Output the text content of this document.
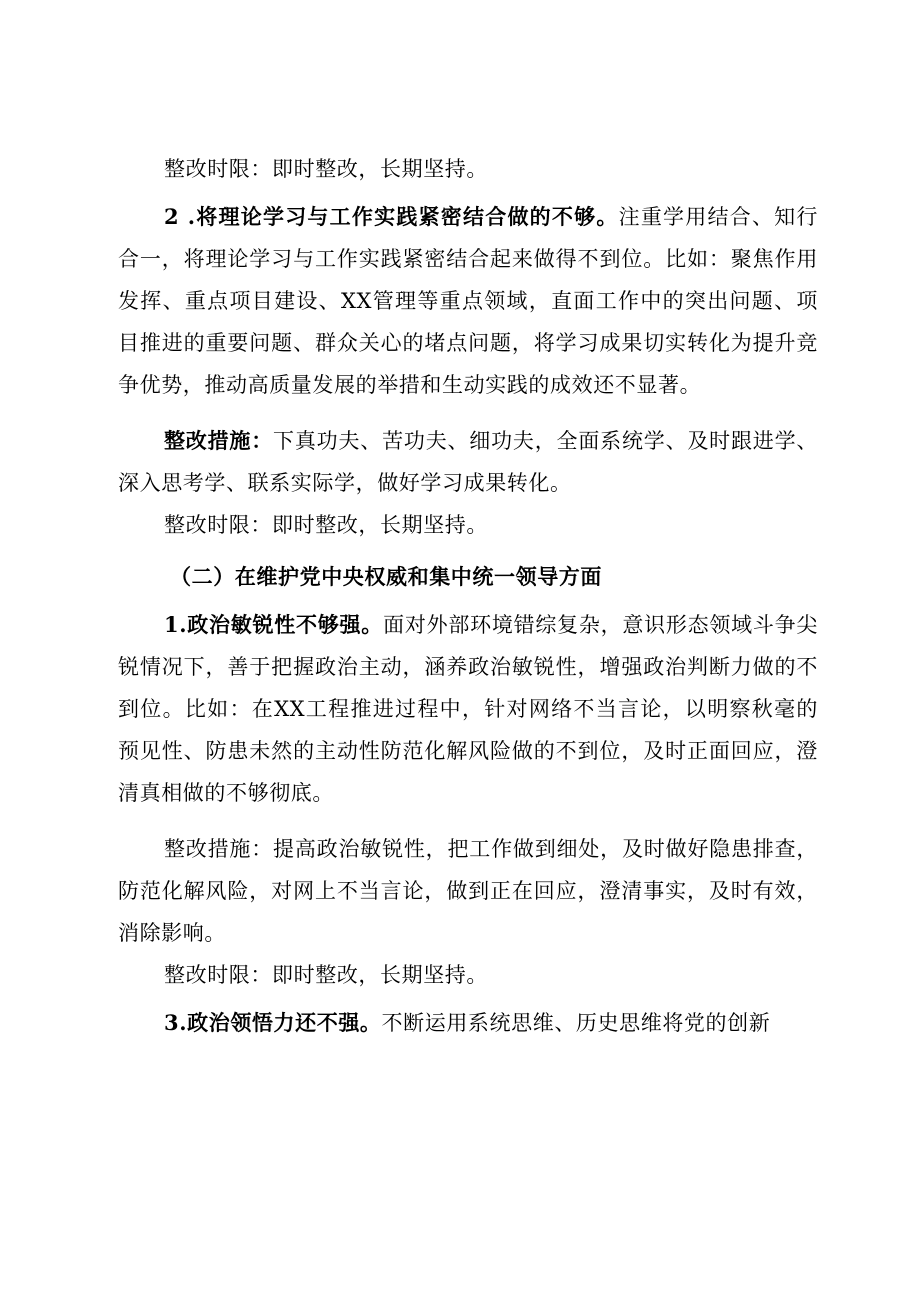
整改时限：即时整改，长期坚持。

2 .将理论学习与工作实践紧密结合做的不够。注重学用结合、知行合一，将理论学习与工作实践紧密结合起来做得不到位。比如：聚焦作用发挥、重点项目建设、XX管理等重点领域，直面工作中的突出问题、项目推进的重要问题、群众关心的堵点问题，将学习成果切实转化为提升竞争优势，推动高质量发展的举措和生动实践的成效还不显著。

整改措施：下真功夫、苦功夫、细功夫，全面系统学、及时跟进学、深入思考学、联系实际学，做好学习成果转化。

整改时限：即时整改，长期坚持。

（二）在维护党中央权威和集中统一领导方面

1.政治敏锐性不够强。面对外部环境错综复杂，意识形态领域斗争尖锐情况下，善于把握政治主动，涵养政治敏锐性，增强政治判断力做的不到位。比如：在XX工程推进过程中，针对网络不当言论，以明察秋毫的预见性、防患未然的主动性防范化解风险做的不到位，及时正面回应，澄清真相做的不够彻底。

整改措施：提高政治敏锐性，把工作做到细处，及时做好隐患排查，防范化解风险，对网上不当言论，做到正在回应，澄清事实，及时有效，消除影响。

整改时限：即时整改，长期坚持。

3.政治领悟力还不强。不断运用系统思维、历史思维将党的创新
